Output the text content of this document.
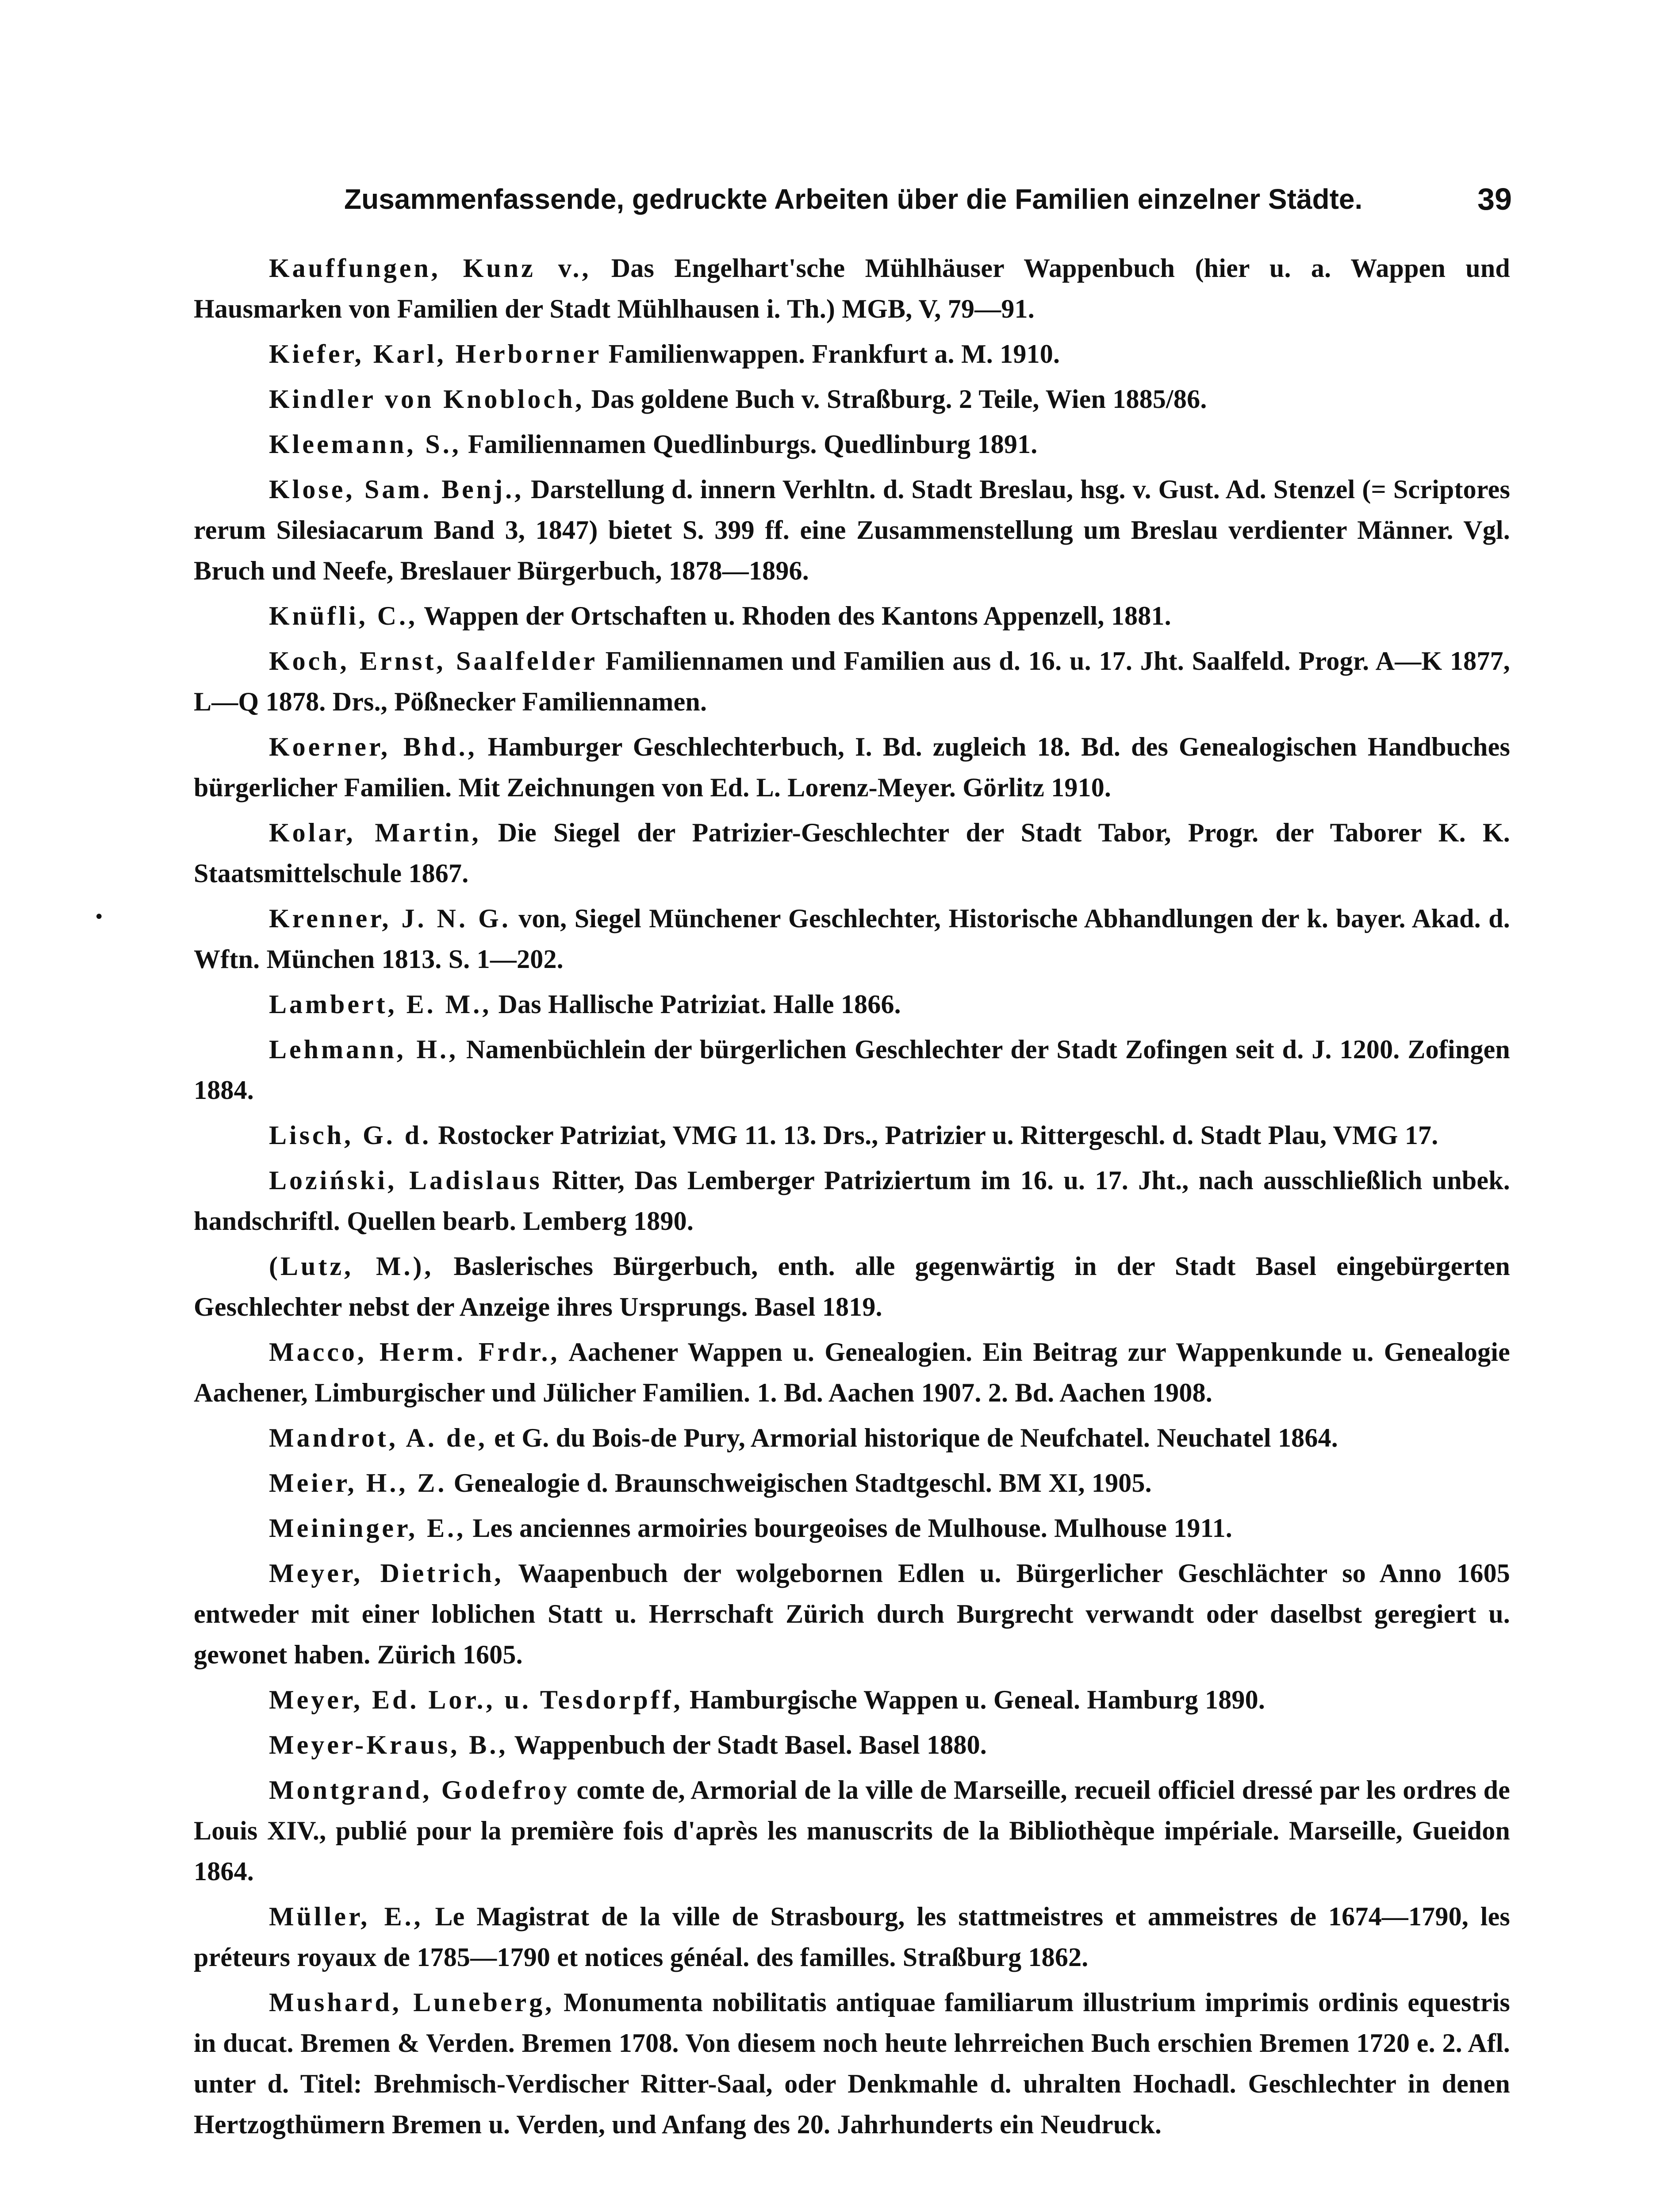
Zusammenfassende, gedruckte Arbeiten über die Familien einzelner Städte.	39

Kauffungen, Kunz v., Das Engelhart'sche Mühlhäuser Wappenbuch (hier u. a. Wappen und Hausmarken von Familien der Stadt Mühlhausen i. Th.) MGB, V, 79—91.

Kiefer, Karl, Herborner Familienwappen. Frankfurt a. M. 1910.

Kindler von Knobloch, Das goldene Buch v. Straßburg. 2 Teile, Wien 1885/86.

Kleemann, S., Familiennamen Quedlinburgs. Quedlinburg 1891.

Klose, Sam. Benj., Darstellung d. innern Verhltn. d. Stadt Breslau, hsg. v. Gust. Ad. Stenzel (= Scriptores rerum Silesiacarum Band 3, 1847) bietet S. 399 ff. eine Zusammenstellung um Breslau verdienter Männer. Vgl. Bruch und Neefe, Breslauer Bürgerbuch, 1878—1896.

Knüfli, C., Wappen der Ortschaften u. Rhoden des Kantons Appenzell, 1881.

Koch, Ernst, Saalfelder Familiennamen und Familien aus d. 16. u. 17. Jht. Saalfeld. Progr. A—K 1877, L—Q 1878. Drs., Pößnecker Familiennamen.

Koerner, Bhd., Hamburger Geschlechterbuch, I. Bd. zugleich 18. Bd. des Genealogischen Handbuches bürgerlicher Familien. Mit Zeichnungen von Ed. L. Lorenz-Meyer. Görlitz 1910.

Kolar, Martin, Die Siegel der Patrizier-Geschlechter der Stadt Tabor, Progr. der Taborer K. K. Staatsmittelschule 1867.

Krenner, J. N. G. von, Siegel Münchener Geschlechter, Historische Abhandlungen der k. bayer. Akad. d. Wftn. München 1813. S. 1—202.

Lambert, E. M., Das Hallische Patriziat. Halle 1866.

Lehmann, H., Namenbüchlein der bürgerlichen Geschlechter der Stadt Zofingen seit d. J. 1200. Zofingen 1884.

Lisch, G. d. Rostocker Patriziat, VMG 11. 13. Drs., Patrizier u. Rittergeschl. d. Stadt Plau, VMG 17.

Loziński, Ladislaus Ritter, Das Lemberger Patriziertum im 16. u. 17. Jht., nach ausschließlich unbek. handschriftl. Quellen bearb. Lemberg 1890.

(Lutz, M.), Baslerisches Bürgerbuch, enth. alle gegenwärtig in der Stadt Basel eingebürgerten Geschlechter nebst der Anzeige ihres Ursprungs. Basel 1819.

Macco, Herm. Frdr., Aachener Wappen u. Genealogien. Ein Beitrag zur Wappenkunde u. Genealogie Aachener, Limburgischer und Jülicher Familien. 1. Bd. Aachen 1907. 2. Bd. Aachen 1908.

Mandrot, A. de, et G. du Bois-de Pury, Armorial historique de Neufchatel. Neuchatel 1864.

Meier, H., Z. Genealogie d. Braunschweigischen Stadtgeschl. BM XI, 1905.

Meininger, E., Les anciennes armoiries bourgeoises de Mulhouse. Mulhouse 1911.

Meyer, Dietrich, Waapenbuch der wolgebornen Edlen u. Bürgerlicher Geschlächter so Anno 1605 entweder mit einer loblichen Statt u. Herrschaft Zürich durch Burgrecht verwandt oder daselbst geregiert u. gewonet haben. Zürich 1605.

Meyer, Ed. Lor., u. Tesdorpff, Hamburgische Wappen u. Geneal. Hamburg 1890.

Meyer-Kraus, B., Wappenbuch der Stadt Basel. Basel 1880.

Montgrand, Godefroy comte de, Armorial de la ville de Marseille, recueil officiel dressé par les ordres de Louis XIV., publié pour la première fois d'après les manuscrits de la Bibliothèque impériale. Marseille, Gueidon 1864.

Müller, E., Le Magistrat de la ville de Strasbourg, les stattmeistres et ammeistres de 1674—1790, les préteurs royaux de 1785—1790 et notices généal. des familles. Straßburg 1862.

Mushard, Luneberg, Monumenta nobilitatis antiquae familiarum illustrium imprimis ordinis equestris in ducat. Bremen & Verden. Bremen 1708. Von diesem noch heute lehrreichen Buch erschien Bremen 1720 e. 2. Afl. unter d. Titel: Brehmisch-Verdischer Ritter-Saal, oder Denkmahle d. uhralten Hochadl. Geschlechter in denen Hertzogthümern Bremen u. Verden, und Anfang des 20. Jahrhunderts ein Neudruck.

•
